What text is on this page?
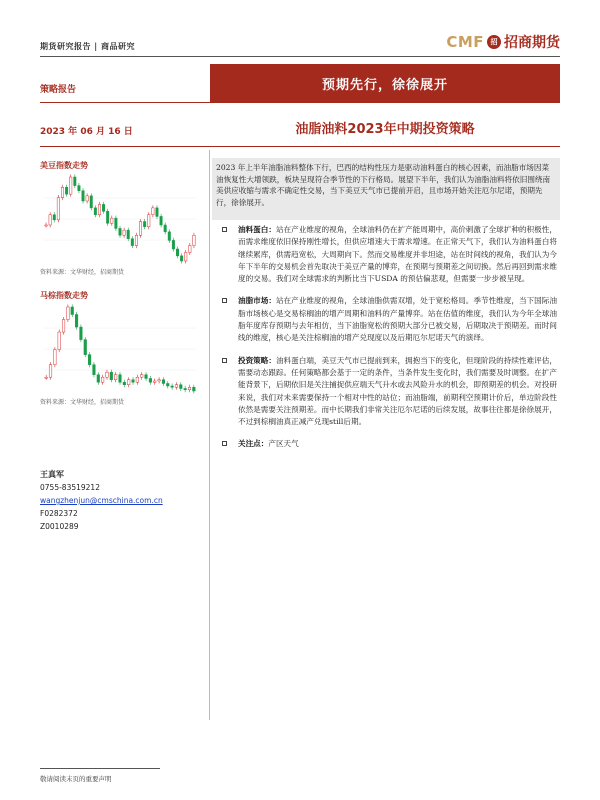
期货研究报告 | 商品研究	CMF 招 招商期货
策略报告	预期先行，徐徐展开
2023 年 06 月 16 日	油脂油料2023年中期投资策略
美豆指数走势
资料来源：文华财经，招商期货
马棕指数走势
资料来源：文华财经，招商期货
王真军
0755-83519212
wangzhenjun@cmschina.com.cn
F0282372
Z0010289
2023 年上半年油脂油料整体下行，巴西的结构性压力是驱动油料蛋白的核心因素，而油脂市场因菜油恢复性大增领跌，板块呈现符合季节性的下行格局。展望下半年，我们认为油脂油料将依旧围绕南美供应收缩与需求不确定性交易，当下美豆天气市已提前开启，且市场开始关注厄尔尼诺，预期先行，徐徐展开。
油料蛋白：站在产业维度的视角，全球油料仍在扩产能周期中，高价刺激了全球扩种的积极性，而需求维度依旧保持刚性增长，但供应增速大于需求增速。在正常天气下，我们认为油料蛋白将继续累库，供需趋宽松，大周期向下。然而交易维度并非坦途，站在时间线的视角，我们认为今年下半年的交易机会首先取决于美豆产量的博弈，在预期与预期差之间切换。然后再回到需求维度的交易。我们对全球需求的判断比当下USDA 的预估偏悲观，但需要一步步被呈现。
油脂市场：站在产业维度的视角，全球油脂供需双增，处于宽松格局。季节性维度，当下国际油脂市场核心是交易棕榈油的增产周期和油料的产量博弈。站在估值的维度，我们认为今年全球油脂年度库存预期与去年相仿，当下油脂宽松的预期大部分已被交易，后期取决于预期差。而时间线的维度，核心是关注棕榈油的增产兑现度以及后期厄尔尼诺天气的演绎。
投资策略：油料蛋白端，美豆天气市已提前到来，拥抱当下的变化，但现阶段的持续性难评估，需要动态跟踪。任何策略都会基于一定的条件，当条件发生变化时，我们需要及时调整。在扩产能背景下，后期依旧是关注捕捉供应端天气升水或去风险升水的机会，即预期差的机会。对投研来说，我们对未来需要保持一个相对中性的站位；而油脂端，前期利空预期计价后，单边阶段性依然是需要关注预期差。而中长期我们非常关注厄尔尼诺的后续发展，故事往往都是徐徐展开，不过到棕榈油真正减产兑现still后期。
关注点：产区天气
敬请阅读末页的重要声明
